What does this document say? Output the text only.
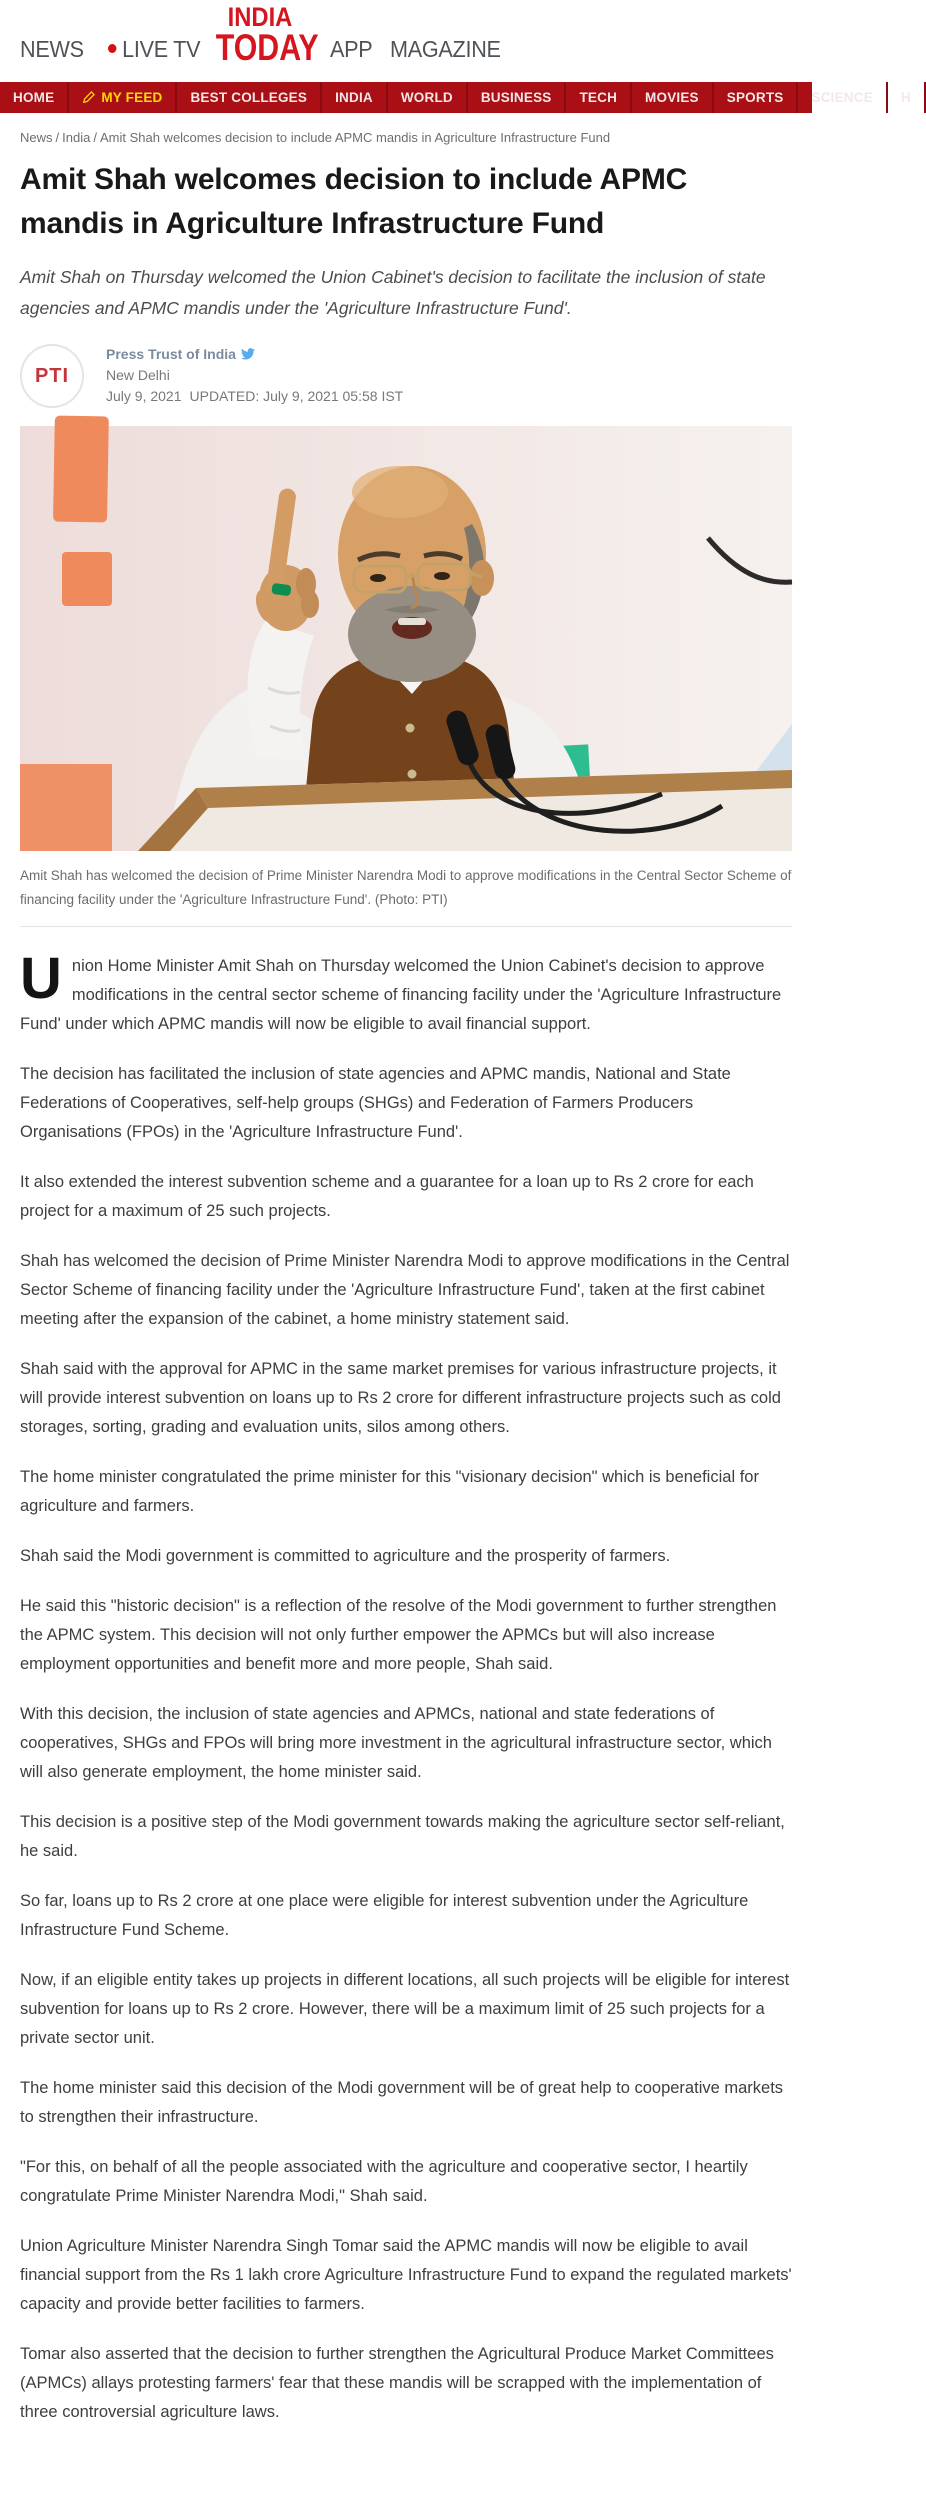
NEWS	LIVE TV
INDIA
TODAY APP MAGAZINE
HOME	MY FEED	BEST COLLEGES	INDIA	WORLD	BUSINESS	TECH	MOVIES	SPORTS	SCIENCE	H
News / India / Amit Shah welcomes decision to include APMC mandis in Agriculture Infrastructure Fund
Amit Shah welcomes decision to include APMC mandis in Agriculture Infrastructure Fund
Amit Shah on Thursday welcomed the Union Cabinet's decision to facilitate the inclusion of state agencies and APMC mandis under the 'Agriculture Infrastructure Fund'.
PTI
Press Trust of India
New Delhi
July 9, 2021 UPDATED: July 9, 2021 05:58 IST
Amit Shah has welcomed the decision of Prime Minister Narendra Modi to approve modifications in the Central Sector Scheme of financing facility under the 'Agriculture Infrastructure Fund'. (Photo: PTI)

Union Home Minister Amit Shah on Thursday welcomed the Union Cabinet's decision to approve modifications in the central sector scheme of financing facility under the 'Agriculture Infrastructure Fund' under which APMC mandis will now be eligible to avail financial support.

The decision has facilitated the inclusion of state agencies and APMC mandis, National and State Federations of Cooperatives, self-help groups (SHGs) and Federation of Farmers Producers Organisations (FPOs) in the 'Agriculture Infrastructure Fund'.

It also extended the interest subvention scheme and a guarantee for a loan up to Rs 2 crore for each project for a maximum of 25 such projects.

Shah has welcomed the decision of Prime Minister Narendra Modi to approve modifications in the Central Sector Scheme of financing facility under the 'Agriculture Infrastructure Fund', taken at the first cabinet meeting after the expansion of the cabinet, a home ministry statement said.

Shah said with the approval for APMC in the same market premises for various infrastructure projects, it will provide interest subvention on loans up to Rs 2 crore for different infrastructure projects such as cold storages, sorting, grading and evaluation units, silos among others.

The home minister congratulated the prime minister for this "visionary decision" which is beneficial for agriculture and farmers.

Shah said the Modi government is committed to agriculture and the prosperity of farmers.

He said this "historic decision" is a reflection of the resolve of the Modi government to further strengthen the APMC system. This decision will not only further empower the APMCs but will also increase employment opportunities and benefit more and more people, Shah said.

With this decision, the inclusion of state agencies and APMCs, national and state federations of cooperatives, SHGs and FPOs will bring more investment in the agricultural infrastructure sector, which will also generate employment, the home minister said.

This decision is a positive step of the Modi government towards making the agriculture sector self-reliant, he said.

So far, loans up to Rs 2 crore at one place were eligible for interest subvention under the Agriculture Infrastructure Fund Scheme.

Now, if an eligible entity takes up projects in different locations, all such projects will be eligible for interest subvention for loans up to Rs 2 crore. However, there will be a maximum limit of 25 such projects for a private sector unit.

The home minister said this decision of the Modi government will be of great help to cooperative markets to strengthen their infrastructure.

"For this, on behalf of all the people associated with the agriculture and cooperative sector, I heartily congratulate Prime Minister Narendra Modi," Shah said.

Union Agriculture Minister Narendra Singh Tomar said the APMC mandis will now be eligible to avail financial support from the Rs 1 lakh crore Agriculture Infrastructure Fund to expand the regulated markets' capacity and provide better facilities to farmers.

Tomar also asserted that the decision to further strengthen the Agricultural Produce Market Committees (APMCs) allays protesting farmers' fear that these mandis will be scrapped with the implementation of three controversial agriculture laws.
